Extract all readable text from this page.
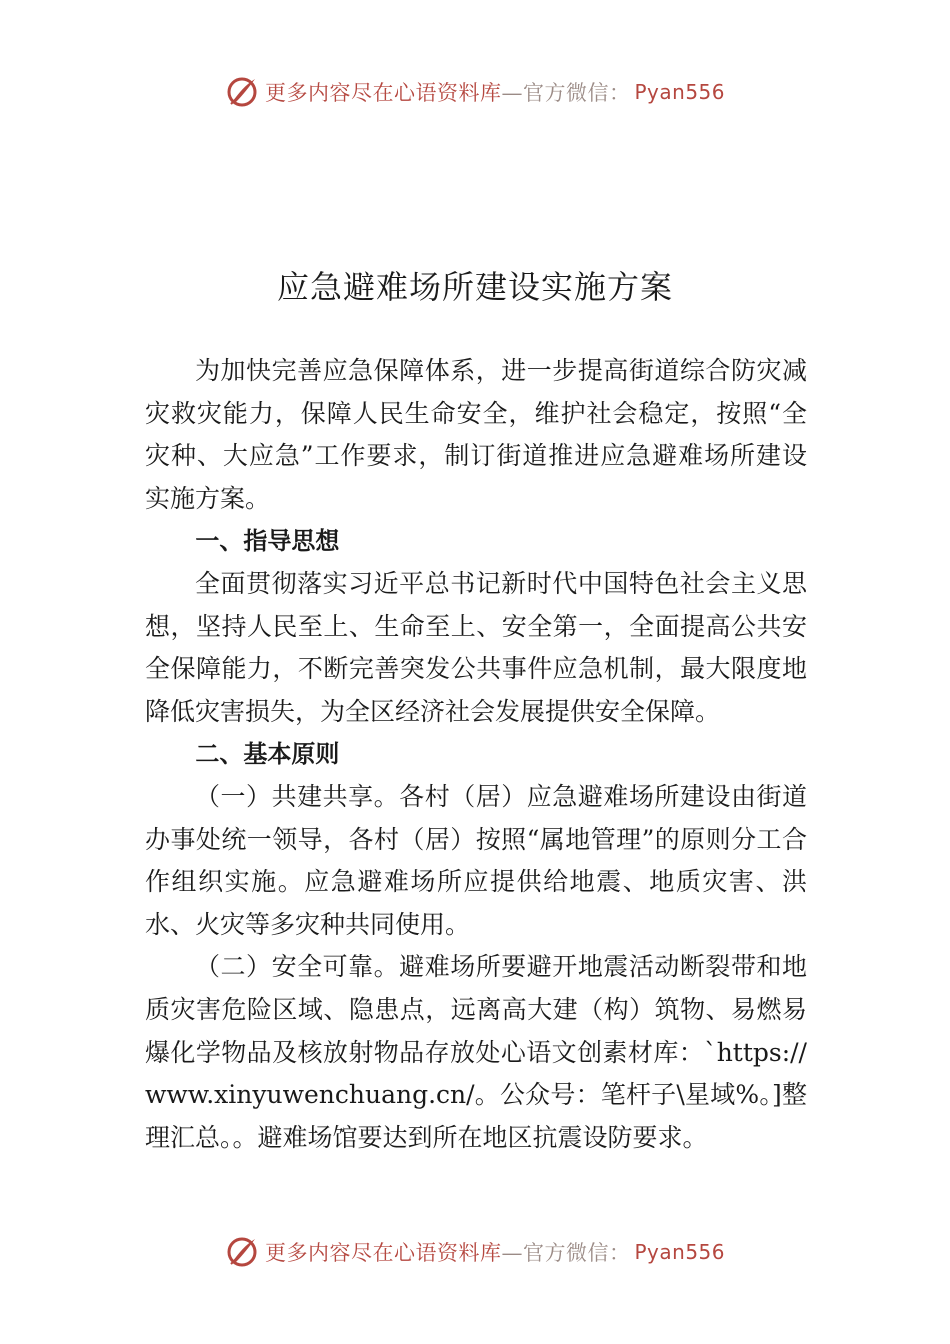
更多内容尽在心语资料库 —官方微信： Pyan556
应急避难场所建设实施方案

为加快完善应急保障体系，进一步提高街道综合防灾减灾救灾能力，保障人民生命安全，维护社会稳定，按照“全灾种、大应急”工作要求，制订街道推进应急避难场所建设实施方案。

一、指导思想

全面贯彻落实习近平总书记新时代中国特色社会主义思想，坚持人民至上、生命至上、安全第一，全面提高公共安全保障能力，不断完善突发公共事件应急机制，最大限度地降低灾害损失，为全区经济社会发展提供安全保障。

二、基本原则

（一）共建共享。各村（居）应急避难场所建设由街道办事处统一领导，各村（居）按照“属地管理”的原则分工合作组织实施。应急避难场所应提供给地震、地质灾害、洪水、火灾等多灾种共同使用。

（二）安全可靠。避难场所要避开地震活动断裂带和地质灾害危险区域、隐患点，远离高大建（构）筑物、易燃易爆化学物品及核放射物品存放处心语文创素材库：`https://www.xinyuwenchuang.cn/。公众号：笔杆子\星域%。]整理汇总。。避难场馆要达到所在地区抗震设防要求。

更多内容尽在心语资料库 —官方微信： Pyan556
